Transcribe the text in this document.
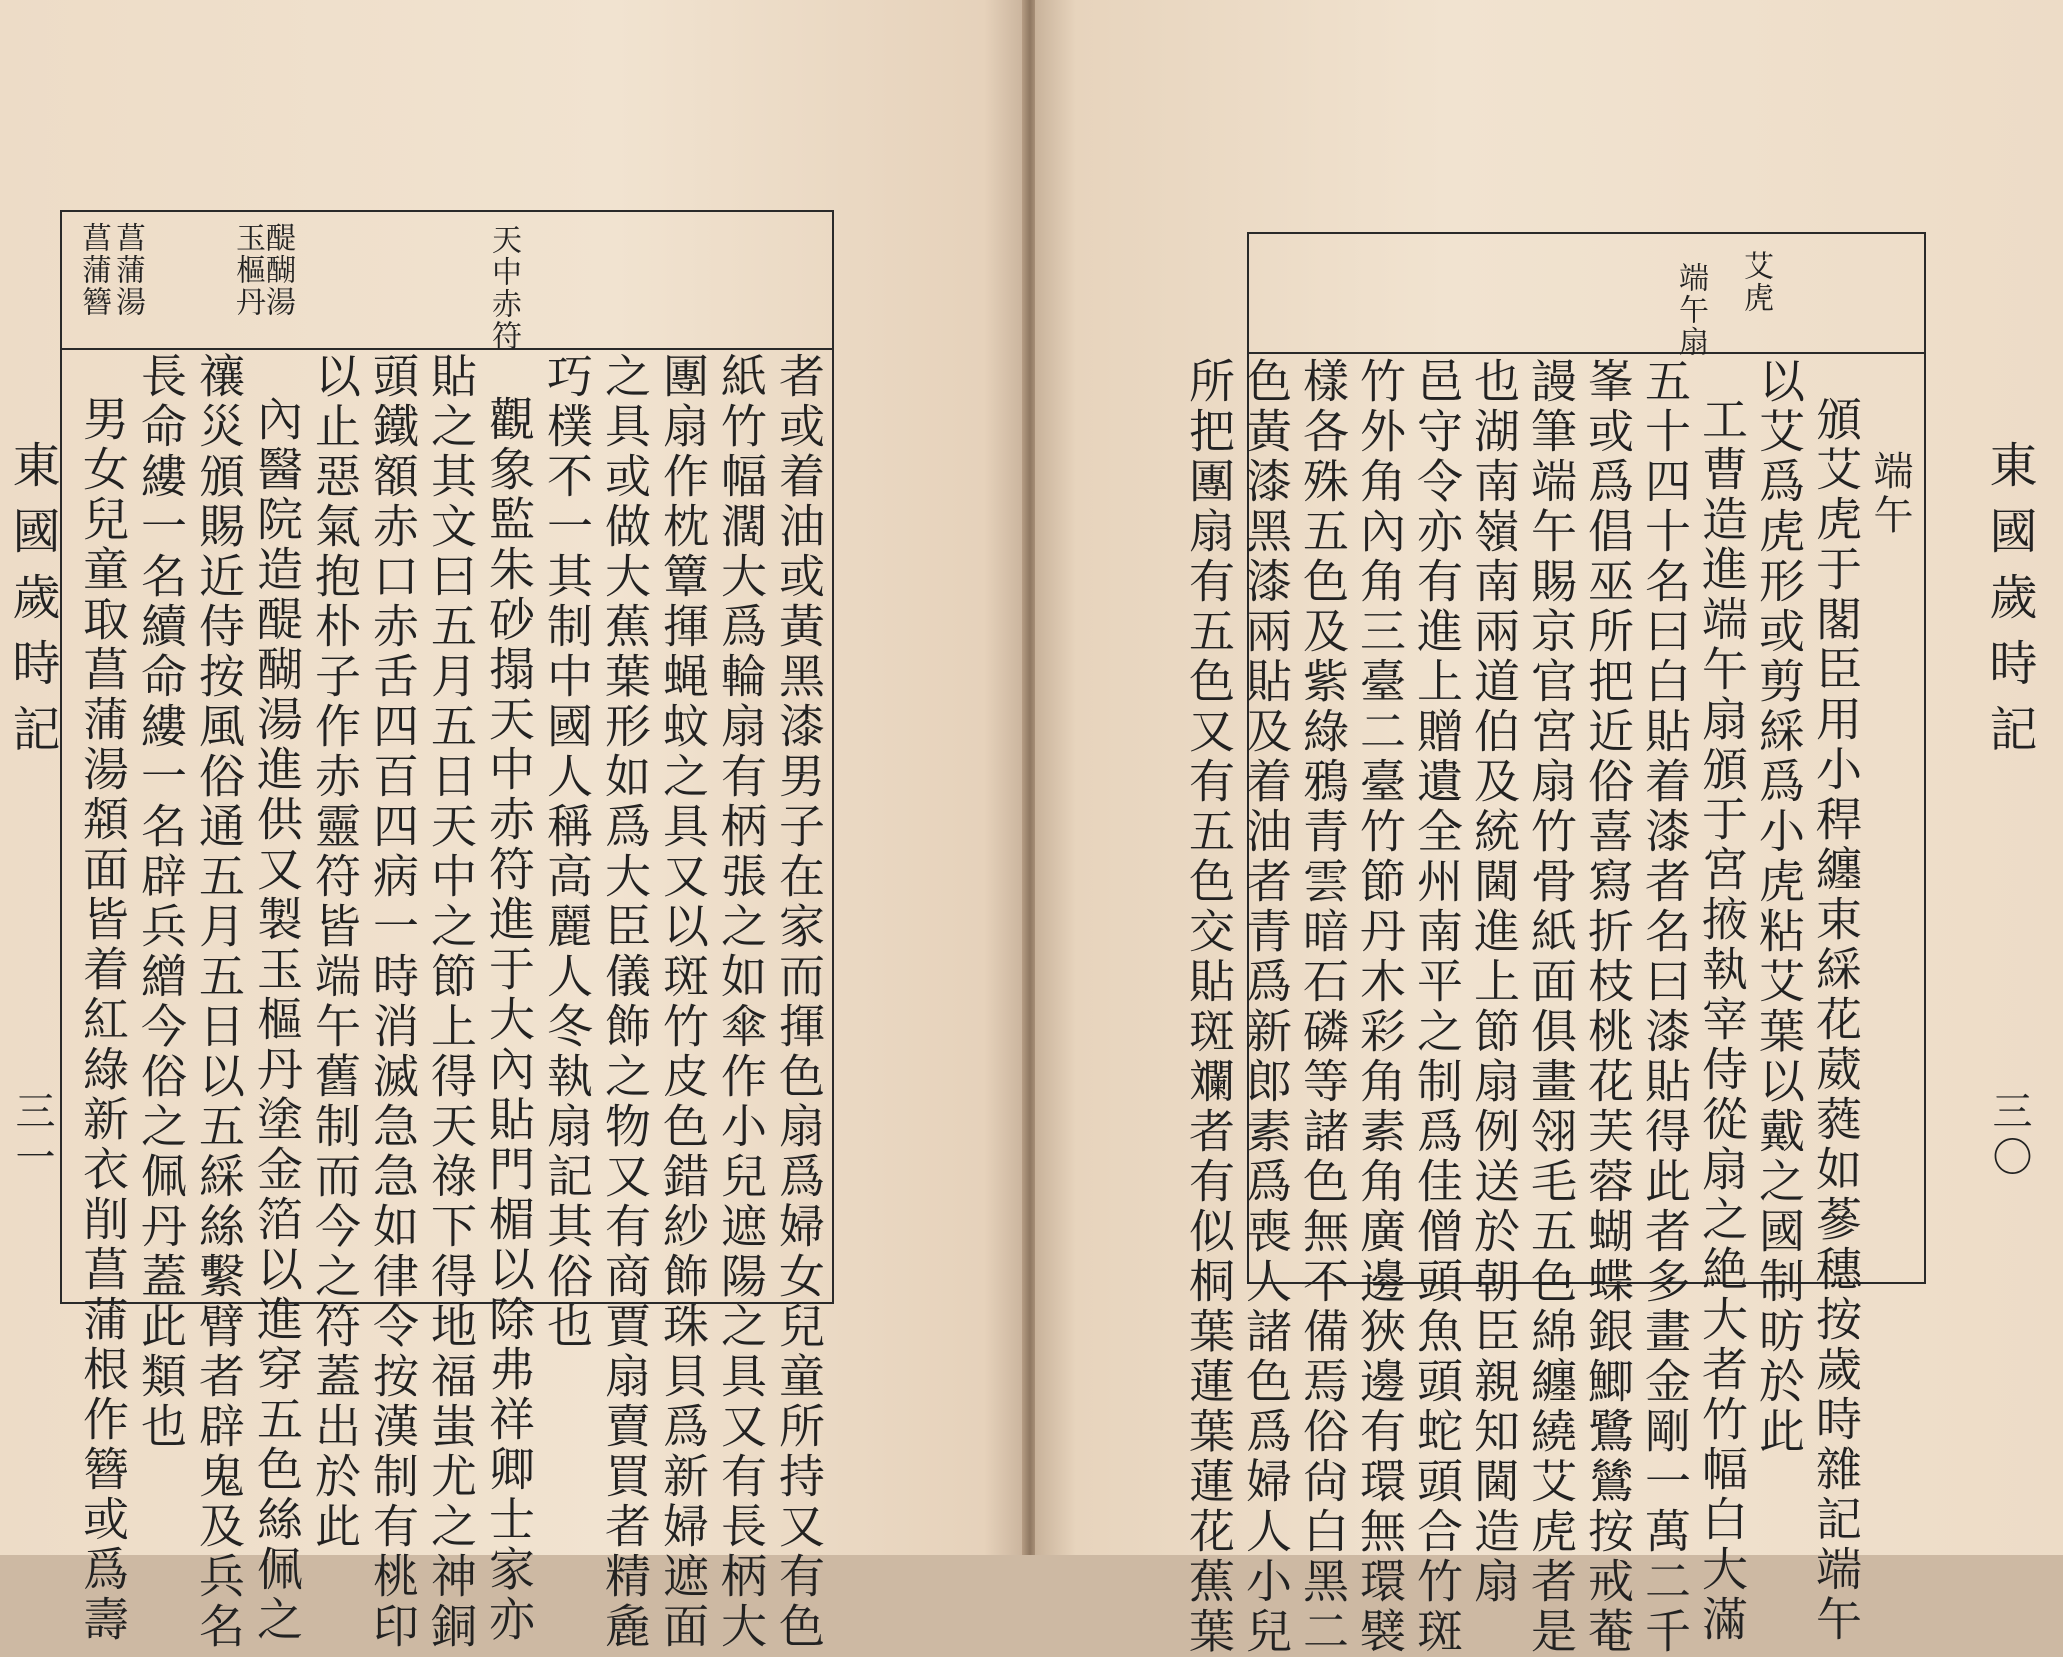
東國歲時記
三一
天中赤符
醍醐湯
玉樞丹
菖蒲湯
菖蒲簪
者或着油或黃黑漆男子在家而揮色扇爲婦女兒童所持又有色
紙竹幅濶大爲輪扇有柄張之如傘作小兒遮陽之具又有長柄大
團扇作枕簟揮蝇蚊之具又以斑竹皮色錯紗飾珠貝爲新婦遮面
之具或做大蕉葉形如爲大臣儀飾之物又有商賈扇賣買者精麁
巧樸不一其制中國人稱高麗人冬執扇記其俗也
觀象監朱砂搨天中赤符進于大內貼門楣以除弗祥卿士家亦
貼之其文曰五月五日天中之節上得天祿下得地福蚩尤之神銅
頭鐵額赤口赤舌四百四病一時消滅急急如律令按漢制有桃印
以止惡氣抱朴子作赤靈符皆端午舊制而今之符蓋出於此
內醫院造醍醐湯進供又製玉樞丹塗金箔以進穿五色絲佩之
禳災頒賜近侍按風俗通五月五日以五綵絲繫臂者辟鬼及兵名
長命縷一名續命縷一名辟兵繒今俗之佩丹蓋此類也
男女兒童取菖蒲湯頮面皆着紅綠新衣削菖蒲根作簪或爲壽	東國歲時記
三〇
艾虎
端午扇
端午
頒艾虎于閣臣用小稈纏束綵花葳蕤如蔘穗按歲時雜記端午
以艾爲虎形或剪綵爲小虎粘艾葉以戴之國制昉於此
工曹造進端午扇頒于宮掖執宰侍從扇之絶大者竹幅白大滿
五十四十名曰白貼着漆者名曰漆貼得此者多畫金剛一萬二千
峯或爲倡巫所把近俗喜寫折枝桃花芙蓉蝴蝶銀鯽鷺鷥按戒菴
謾筆端午賜京官宮扇竹骨紙面俱畫翎毛五色綿纏繞艾虎者是
也湖南嶺南兩道伯及統閫進上節扇例送於朝臣親知閫造扇
邑守令亦有進上贈遺全州南平之制爲佳僧頭魚頭蛇頭合竹斑
竹外角內角三臺二臺竹節丹木彩角素角廣邊狹邊有環無環襞
樣各殊五色及紫綠鴉青雲暗石磷等諸色無不備焉俗尙白黑二
色黃漆黑漆兩貼及着油者青爲新郎素爲喪人諸色爲婦人小兒
所把團扇有五色又有五色交貼斑斕者有似桐葉蓮葉蓮花蕉葉
